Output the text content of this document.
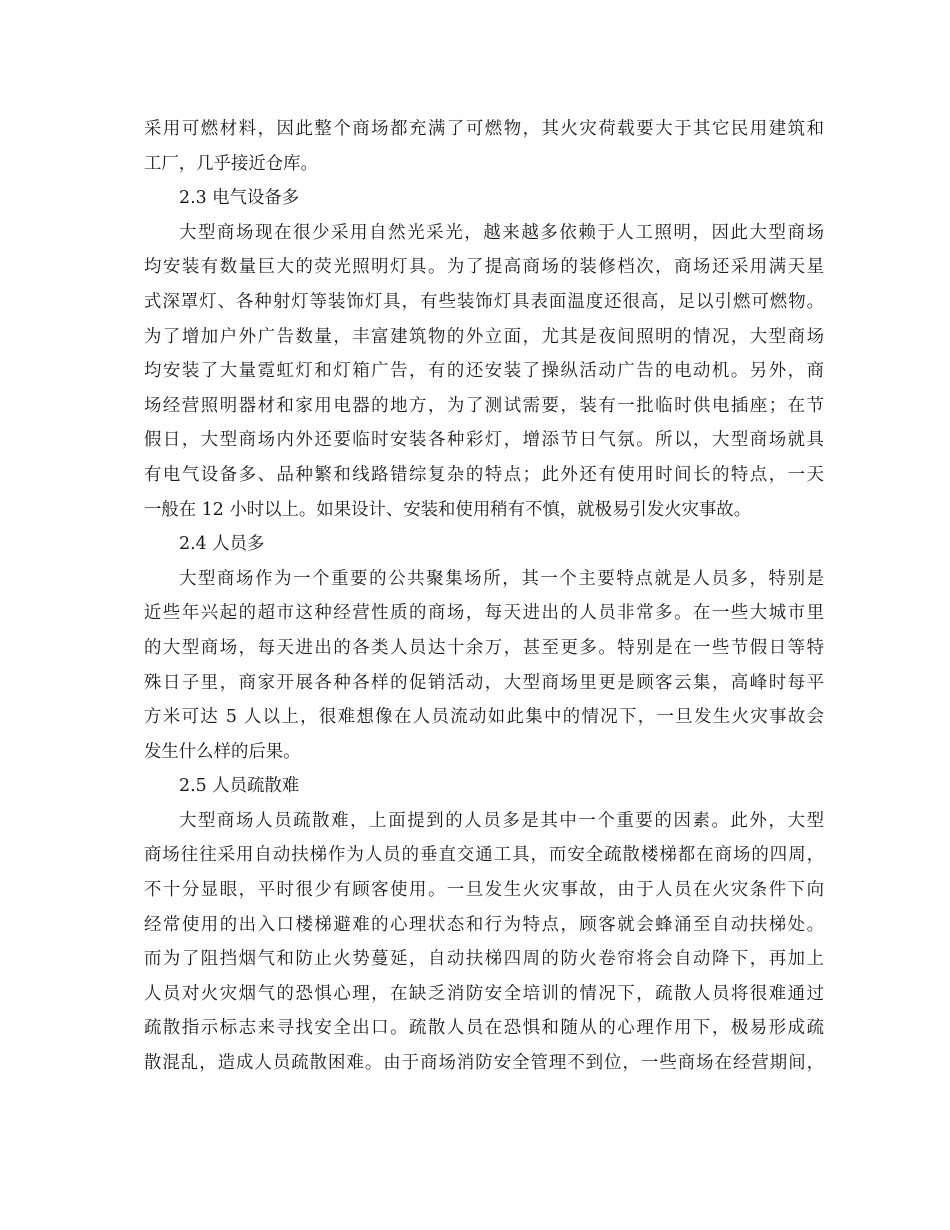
采用可燃材料，因此整个商场都充满了可燃物，其火灾荷载要大于其它民用建筑和
工厂，几乎接近仓库。
2.3 电气设备多
大型商场现在很少采用自然光采光，越来越多依赖于人工照明，因此大型商场
均安装有数量巨大的荧光照明灯具。为了提高商场的装修档次，商场还采用满天星
式深罩灯、各种射灯等装饰灯具，有些装饰灯具表面温度还很高，足以引燃可燃物。
为了增加户外广告数量，丰富建筑物的外立面，尤其是夜间照明的情况，大型商场
均安装了大量霓虹灯和灯箱广告，有的还安装了操纵活动广告的电动机。另外，商
场经营照明器材和家用电器的地方，为了测试需要，装有一批临时供电插座；在节
假日，大型商场内外还要临时安装各种彩灯，增添节日气氛。所以，大型商场就具
有电气设备多、品种繁和线路错综复杂的特点；此外还有使用时间长的特点，一天
一般在 12 小时以上。如果设计、安装和使用稍有不慎，就极易引发火灾事故。
2.4 人员多
大型商场作为一个重要的公共聚集场所，其一个主要特点就是人员多，特别是
近些年兴起的超市这种经营性质的商场，每天进出的人员非常多。在一些大城市里
的大型商场，每天进出的各类人员达十余万，甚至更多。特别是在一些节假日等特
殊日子里，商家开展各种各样的促销活动，大型商场里更是顾客云集，高峰时每平
方米可达 5 人以上，很难想像在人员流动如此集中的情况下，一旦发生火灾事故会
发生什么样的后果。
2.5 人员疏散难
大型商场人员疏散难，上面提到的人员多是其中一个重要的因素。此外，大型
商场往往采用自动扶梯作为人员的垂直交通工具，而安全疏散楼梯都在商场的四周，
不十分显眼，平时很少有顾客使用。一旦发生火灾事故，由于人员在火灾条件下向
经常使用的出入口楼梯避难的心理状态和行为特点，顾客就会蜂涌至自动扶梯处。
而为了阻挡烟气和防止火势蔓延，自动扶梯四周的防火卷帘将会自动降下，再加上
人员对火灾烟气的恐惧心理，在缺乏消防安全培训的情况下，疏散人员将很难通过
疏散指示标志来寻找安全出口。疏散人员在恐惧和随从的心理作用下，极易形成疏
散混乱，造成人员疏散困难。由于商场消防安全管理不到位，一些商场在经营期间，
